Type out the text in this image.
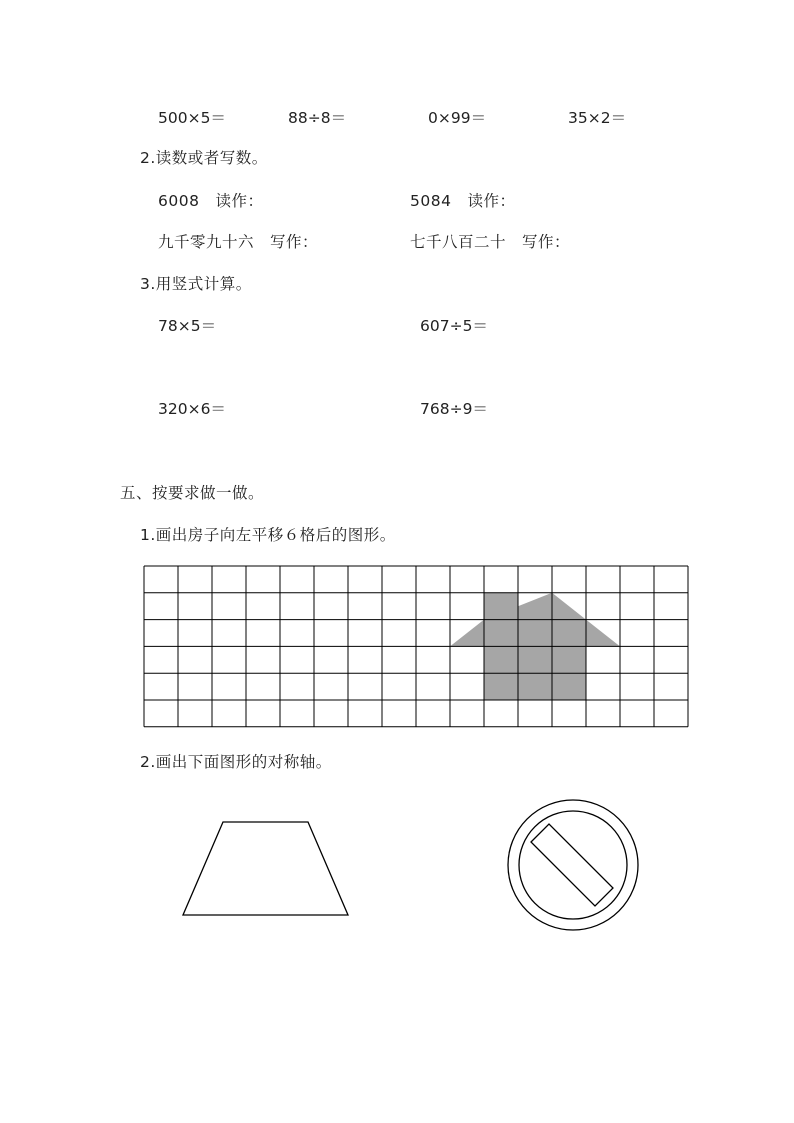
500×5＝	88÷8＝	0×99＝	35×2＝
2.读数或者写数。
6008　读作：	5084　读作：
九千零九十六　写作：	七千八百二十　写作：
3.用竖式计算。
78×5＝	607÷5＝
320×6＝	768÷9＝
五、按要求做一做。
1.画出房子向左平移６格后的图形。
2.画出下面图形的对称轴。
